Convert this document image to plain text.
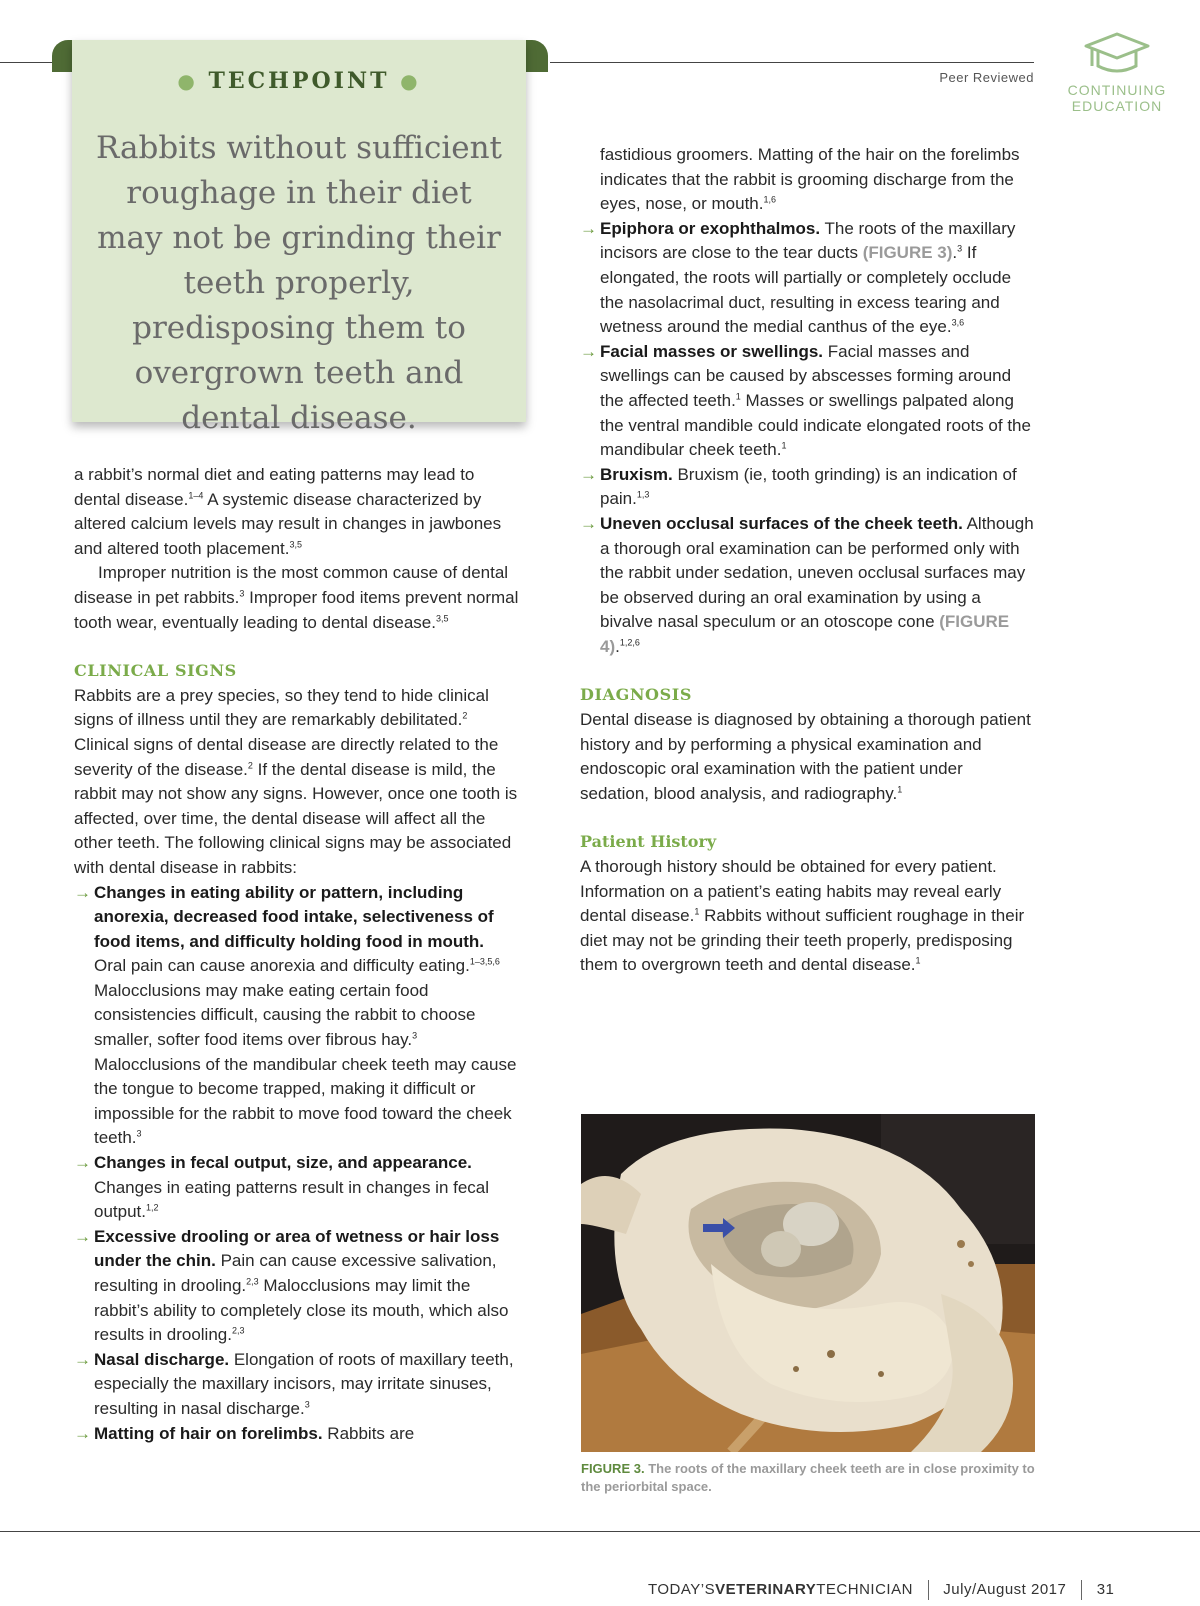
Peer Reviewed
CONTINUING
EDUCATION
● TECHPOINT ●
Rabbits without sufficient roughage in their diet may not be grinding their teeth properly, predisposing them to overgrown teeth and dental disease.

a rabbit’s normal diet and eating patterns may lead to dental disease.$^{1-4}$ A systemic disease characterized by altered calcium levels may result in changes in jawbones and altered tooth placement.$^{3,5}$

Improper nutrition is the most common cause of dental disease in pet rabbits.$^3$ Improper food items prevent normal tooth wear, eventually leading to dental disease.$^{3,5}$

CLINICAL SIGNS

Rabbits are a prey species, so they tend to hide clinical signs of illness until they are remarkably debilitated.$^2$ Clinical signs of dental disease are directly related to the severity of the disease.$^2$ If the dental disease is mild, the rabbit may not show any signs. However, once one tooth is affected, over time, the dental disease will affect all the other teeth. The following clinical signs may be associated with dental disease in rabbits:

→ Changes in eating ability or pattern, including anorexia, decreased food intake, selectiveness of food items, and difficulty holding food in mouth. Oral pain can cause anorexia and difficulty eating.$^{1-3,5,6}$ Malocclusions may make eating certain food consistencies difficult, causing the rabbit to choose smaller, softer food items over fibrous hay.$^3$ Malocclusions of the mandibular cheek teeth may cause the tongue to become trapped, making it difficult or impossible for the rabbit to move food toward the cheek teeth.$^3$
→ Changes in fecal output, size, and appearance. Changes in eating patterns result in changes in fecal output.$^{1,2}$
→ Excessive drooling or area of wetness or hair loss under the chin. Pain can cause excessive salivation, resulting in drooling.$^{2,3}$ Malocclusions may limit the rabbit’s ability to completely close its mouth, which also results in drooling.$^{2,3}$
→ Nasal discharge. Elongation of roots of maxillary teeth, especially the maxillary incisors, may irritate sinuses, resulting in nasal discharge.$^3$
→ Matting of hair on forelimbs. Rabbits are

fastidious groomers. Matting of the hair on the forelimbs indicates that the rabbit is grooming discharge from the eyes, nose, or mouth.$^{1,6}$

→ Epiphora or exophthalmos. The roots of the maxillary incisors are close to the tear ducts (FIGURE 3).$^3$ If elongated, the roots will partially or completely occlude the nasolacrimal duct, resulting in excess tearing and wetness around the medial canthus of the eye.$^{3,6}$
→ Facial masses or swellings. Facial masses and swellings can be caused by abscesses forming around the affected teeth.$^1$ Masses or swellings palpated along the ventral mandible could indicate elongated roots of the mandibular cheek teeth.$^1$
→ Bruxism. Bruxism (ie, tooth grinding) is an indication of pain.$^{1,3}$
→ Uneven occlusal surfaces of the cheek teeth. Although a thorough oral examination can be performed only with the rabbit under sedation, uneven occlusal surfaces may be observed during an oral examination by using a bivalve nasal speculum or an otoscope cone (FIGURE 4).$^{1,2,6}$
DIAGNOSIS

Dental disease is diagnosed by obtaining a thorough patient history and by performing a physical examination and endoscopic oral examination with the patient under sedation, blood analysis, and radiography.$^1$

Patient History

A thorough history should be obtained for every patient. Information on a patient’s eating habits may reveal early dental disease.$^1$ Rabbits without sufficient roughage in their diet may not be grinding their teeth properly, predisposing them to overgrown teeth and dental disease.$^1$

FIGURE 3. The roots of the maxillary cheek teeth are in close proximity to the periorbital space.
TODAY’SVETERINARYTECHNICIAN July/August 2017 31
